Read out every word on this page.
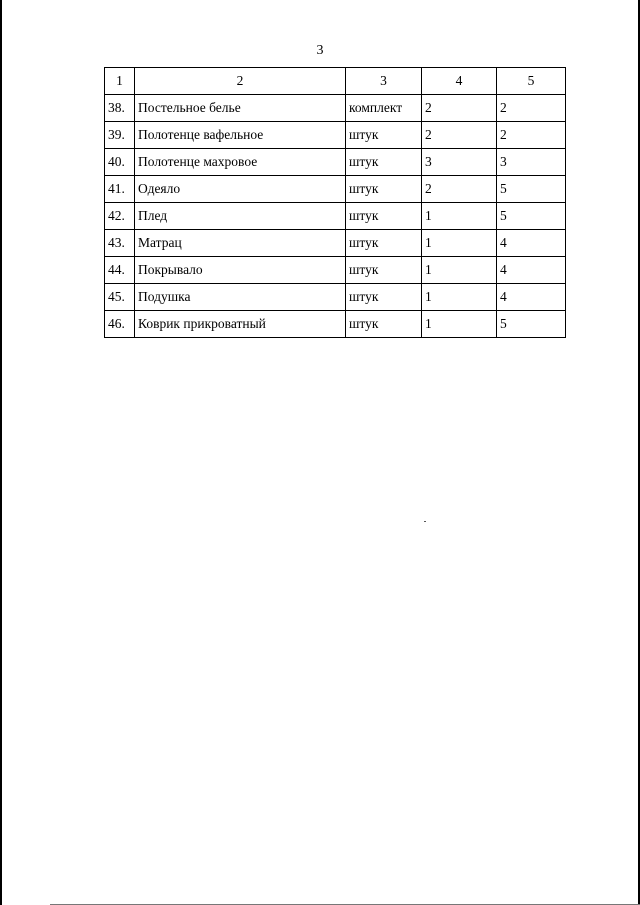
3
1	2	3	4	5
38.	Постельное белье	комплект	2	2
39.	Полотенце вафельное	штук	2	2
40.	Полотенце махровое	штук	3	3
41.	Одеяло	штук	2	5
42.	Плед	штук	1	5
43.	Матрац	штук	1	4
44.	Покрывало	штук	1	4
45.	Подушка	штук	1	4
46.	Коврик прикроватный	штук	1	5
